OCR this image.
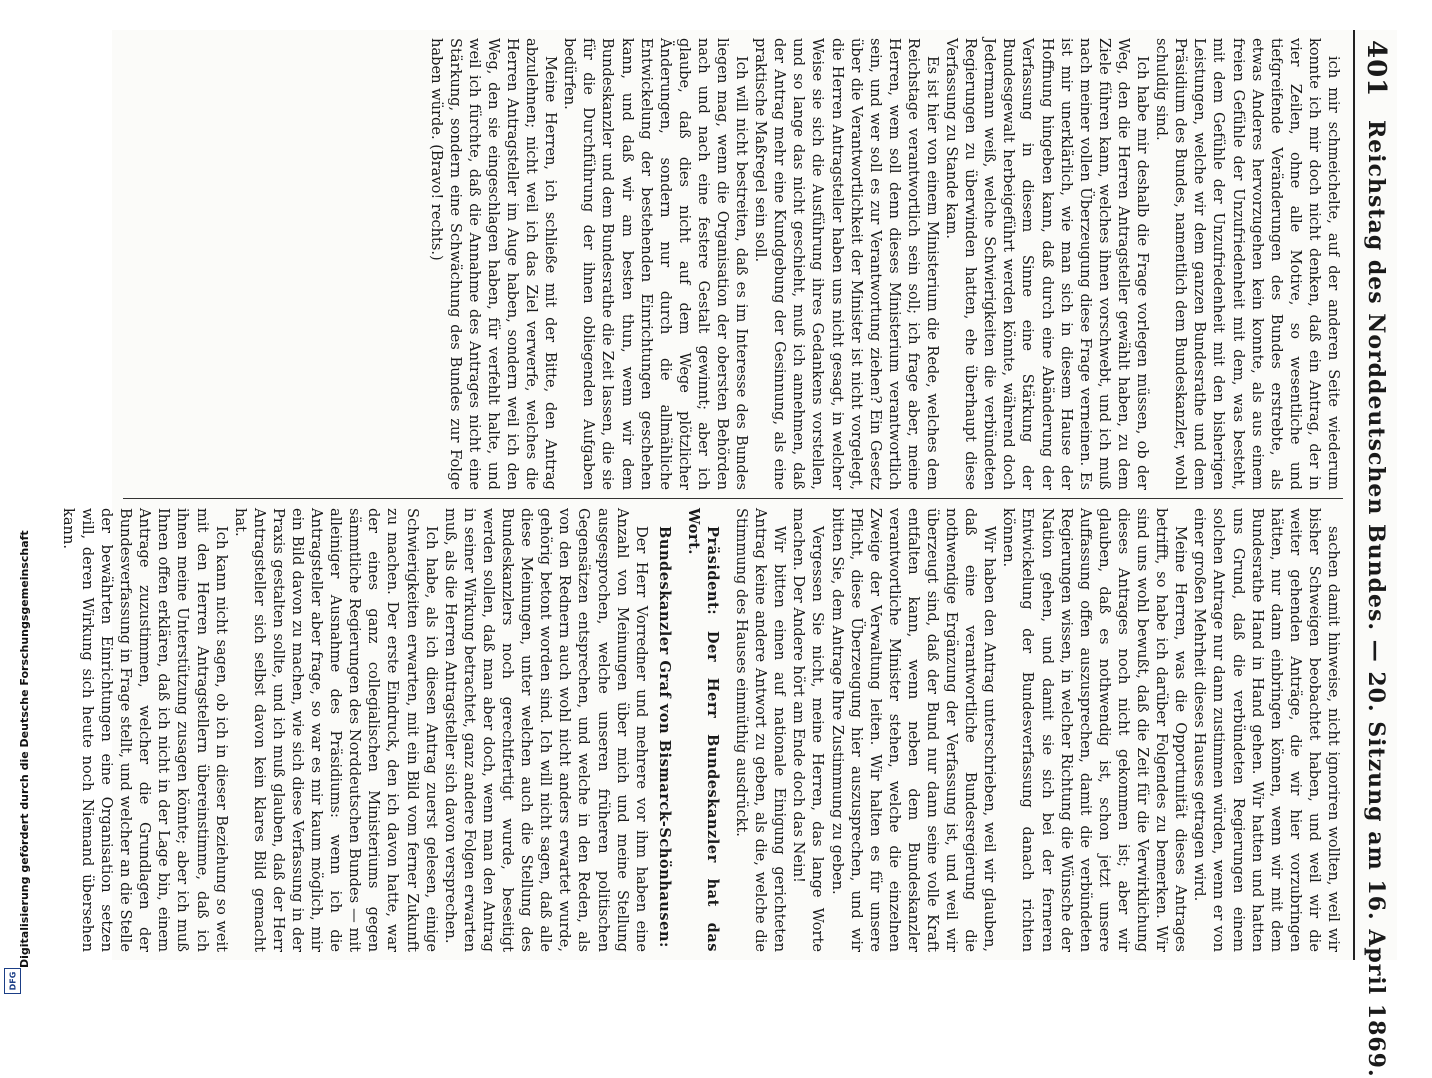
Digitalisierung gefördert durch die Deutsche Forschungsgemeinschaft
DFG
401
Reichstag des Norddeutschen Bundes. — 20. Sitzung am 16. April 1869.

ich mir schmeichelte, auf der anderen Seite wiederum konnte ich mir doch nicht denken, daß ein Antrag, der in vier Zeilen, ohne alle Motive, so wesentliche und tiefgreifende Veränderungen des Bundes erstrebte, als etwas Anderes hervorzugehen kein konnte, als aus einem freien Gefühle der Unzufriedenheit mit dem, was besteht, mit dem Gefühle der Unzufriedenheit mit den bisherigen Leistungen, welche wir dem ganzen Bundesrathe und dem Präsidium des Bundes, namentlich dem Bundeskanzler, wohl schuldig sind.

Ich habe mir deshalb die Frage vorlegen müssen, ob der Weg, den die Herren Antragsteller gewählt haben, zu dem Ziele führen kann, welches ihnen vorschwebt, und ich muß nach meiner vollen Überzeugung diese Frage verneinen. Es ist mir unerklärlich, wie man sich in diesem Hause der Hoffnung hingeben kann, daß durch eine Abänderung der Verfassung in diesem Sinne eine Stärkung der Bundesgewalt herbeigeführt werden könnte, während doch Jedermann weiß, welche Schwierigkeiten die verbündeten Regierungen zu überwinden hatten, ehe überhaupt diese Verfassung zu Stande kam.

Es ist hier von einem Ministerium die Rede, welches dem Reichstage verantwortlich sein soll; ich frage aber, meine Herren, wem soll denn dieses Ministerium verantwortlich sein, und wer soll es zur Verantwortung ziehen? Ein Gesetz über die Verantwortlichkeit der Minister ist nicht vorgelegt, die Herren Antragsteller haben uns nicht gesagt, in welcher Weise sie sich die Ausführung ihres Gedankens vorstellen, und so lange das nicht geschieht, muß ich annehmen, daß der Antrag mehr eine Kundgebung der Gesinnung, als eine praktische Maßregel sein soll.

Ich will nicht bestreiten, daß es im Interesse des Bundes liegen mag, wenn die Organisation der obersten Behörden nach und nach eine festere Gestalt gewinnt; aber ich glaube, daß dies nicht auf dem Wege plötzlicher Änderungen, sondern nur durch die allmähliche Entwickelung der bestehenden Einrichtungen geschehen kann, und daß wir am besten thun, wenn wir dem Bundeskanzler und dem Bundesrathe die Zeit lassen, die sie für die Durchführung der ihnen obliegenden Aufgaben bedürfen.

Meine Herren, ich schließe mit der Bitte, den Antrag abzulehnen; nicht weil ich das Ziel verwerfe, welches die Herren Antragsteller im Auge haben, sondern weil ich den Weg, den sie eingeschlagen haben, für verfehlt halte, und weil ich fürchte, daß die Annahme des Antrages nicht eine Stärkung, sondern eine Schwächung des Bundes zur Folge haben würde. (Bravo! rechts.)

sachen damit hinweise, nicht ignoriren wollten, weil wir bisher Schweigen beobachtet haben, und weil wir die weiter gehenden Anträge, die wir hier vorzubringen hätten, nur dann einbringen können, wenn wir mit dem Bundesrathe Hand in Hand gehen. Wir hatten und hatten uns Grund, daß die verbündeten Regierungen einem solchen Antrage nur dann zustimmen würden, wenn er von einer großen Mehrheit dieses Hauses getragen wird.

Meine Herren, was die Opportunität dieses Antrages betrifft, so habe ich darüber Folgendes zu bemerken. Wir sind uns wohl bewußt, daß die Zeit für die Verwirklichung dieses Antrages noch nicht gekommen ist; aber wir glauben, daß es nothwendig ist, schon jetzt unsere Auffassung offen auszusprechen, damit die verbündeten Regierungen wissen, in welcher Richtung die Wünsche der Nation gehen, und damit sie sich bei der ferneren Entwickelung der Bundesverfassung danach richten können.

Wir haben den Antrag unterschrieben, weil wir glauben, daß eine verantwortliche Bundesregierung die nothwendige Ergänzung der Verfassung ist, und weil wir überzeugt sind, daß der Bund nur dann seine volle Kraft entfalten kann, wenn neben dem Bundeskanzler verantwortliche Minister stehen, welche die einzelnen Zweige der Verwaltung leiten. Wir halten es für unsere Pflicht, diese Überzeugung hier auszusprechen, und wir bitten Sie, dem Antrage Ihre Zustimmung zu geben.

Vergessen Sie nicht, meine Herren, das lange Worte machen. Der Andere hört am Ende doch das Nein!

Wir bitten einen auf nationale Einigung gerichteten Antrag keine andere Antwort zu geben, als die, welche die Stimmung des Hauses einmüthig ausdrückt.

Präsident: Der Herr Bundeskanzler hat das Wort.
Bundeskanzler Graf von Bismarck-Schönhausen:

Der Herr Vorredner und mehrere vor ihm haben eine Anzahl von Meinungen über mich und meine Stellung ausgesprochen, welche unseren früheren politischen Gegensätzen entsprechen, und welche in den Reden, als von den Rednern auch wohl nicht anders erwartet wurde, gehörig betont worden sind. Ich will nicht sagen, daß alle diese Meinungen, unter welchen auch die Stellung des Bundeskanzlers noch gerechtfertigt wurde, beseitigt werden sollen, daß man aber doch, wenn man den Antrag in seiner Wirkung betrachtet, ganz andere Folgen erwarten muß, als die Herren Antragsteller sich davon versprechen.

Ich habe, als ich diesen Antrag zuerst gelesen, einige Schwierigkeiten erwarten, mit ein Bild vom ferner Zukunft zu machen. Der erste Eindruck, den ich davon hatte, war der eines ganz collegialischen Ministeriums gegen sämmtliche Regierungen des Norddeutschen Bundes — mit alleiniger Ausnahme des Präsidiums: wenn ich die Antragsteller aber frage, so war es mir kaum möglich, mir ein Bild davon zu machen, wie sich diese Verfassung in der Praxis gestalten sollte, und ich muß glauben, daß der Herr Antragsteller sich selbst davon kein klares Bild gemacht hat.

Ich kann nicht sagen, ob ich in dieser Beziehung so weit mit den Herren Antragstellern übereinstimme, daß ich ihnen meine Unterstützung zusagen könnte; aber ich muß Ihnen offen erklären, daß ich nicht in der Lage bin, einem Antrage zuzustimmen, welcher die Grundlagen der Bundesverfassung in Frage stellt, und welcher an die Stelle der bewährten Einrichtungen eine Organisation setzen will, deren Wirkung sich heute noch Niemand übersehen kann.
